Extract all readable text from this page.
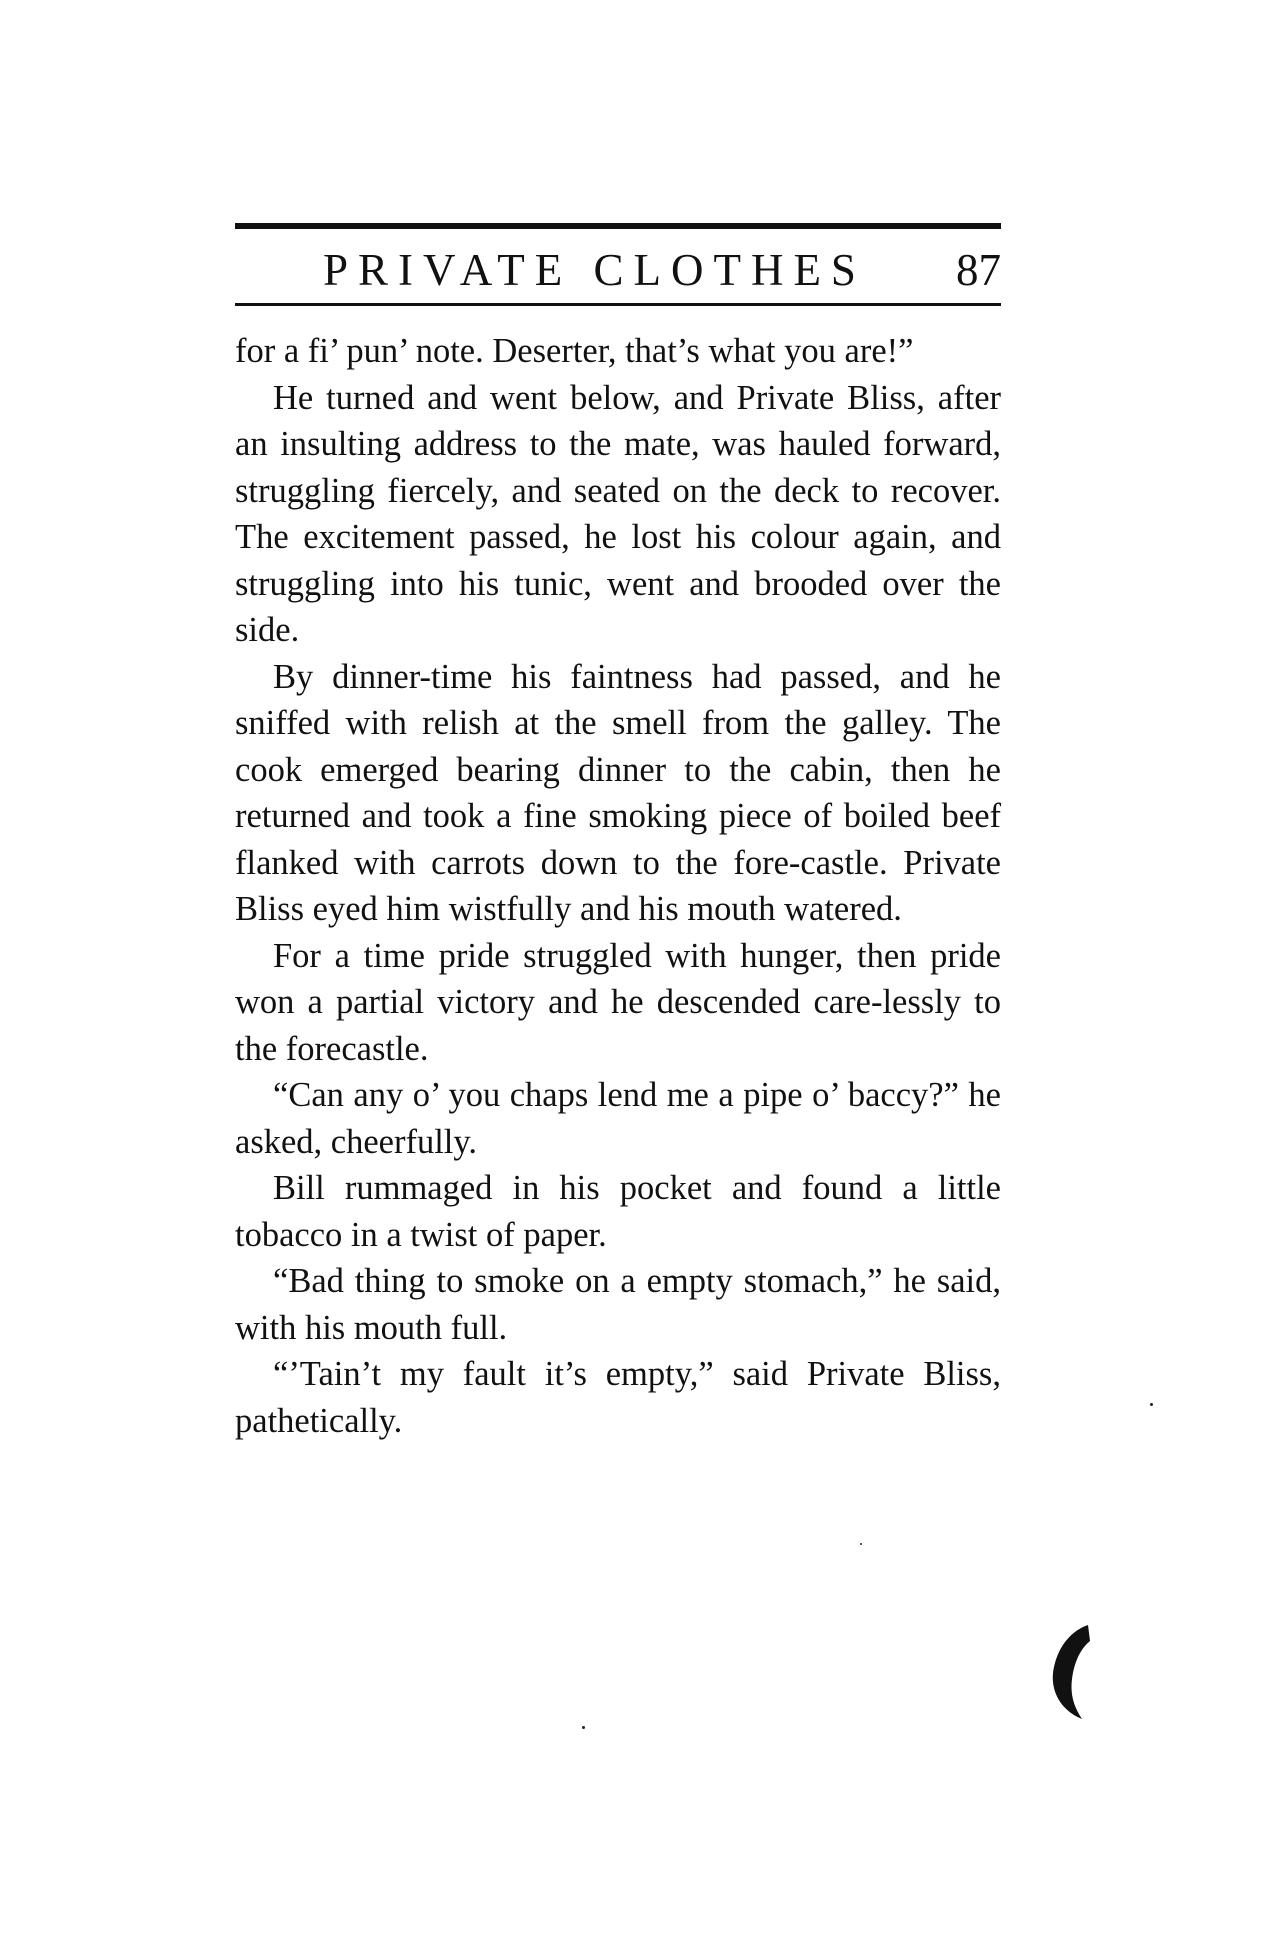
PRIVATE CLOTHES 87

for a fi’ pun’ note. Deserter, that’s what you are!”

He turned and went below, and Private Bliss, after an insulting address to the mate, was hauled forward, struggling fiercely, and seated on the deck to recover. The excitement passed, he lost his colour again, and struggling into his tunic, went and brooded over the side.

By dinner-time his faintness had passed, and he sniffed with relish at the smell from the galley. The cook emerged bearing dinner to the cabin, then he returned and took a fine smoking piece of boiled beef flanked with carrots down to the fore-castle. Private Bliss eyed him wistfully and his mouth watered.

For a time pride struggled with hunger, then pride won a partial victory and he descended care-lessly to the forecastle.

“Can any o’ you chaps lend me a pipe o’ baccy?” he asked, cheerfully.

Bill rummaged in his pocket and found a little tobacco in a twist of paper.

“Bad thing to smoke on a empty stomach,” he said, with his mouth full.

“’Tain’t my fault it’s empty,” said Private Bliss, pathetically.
